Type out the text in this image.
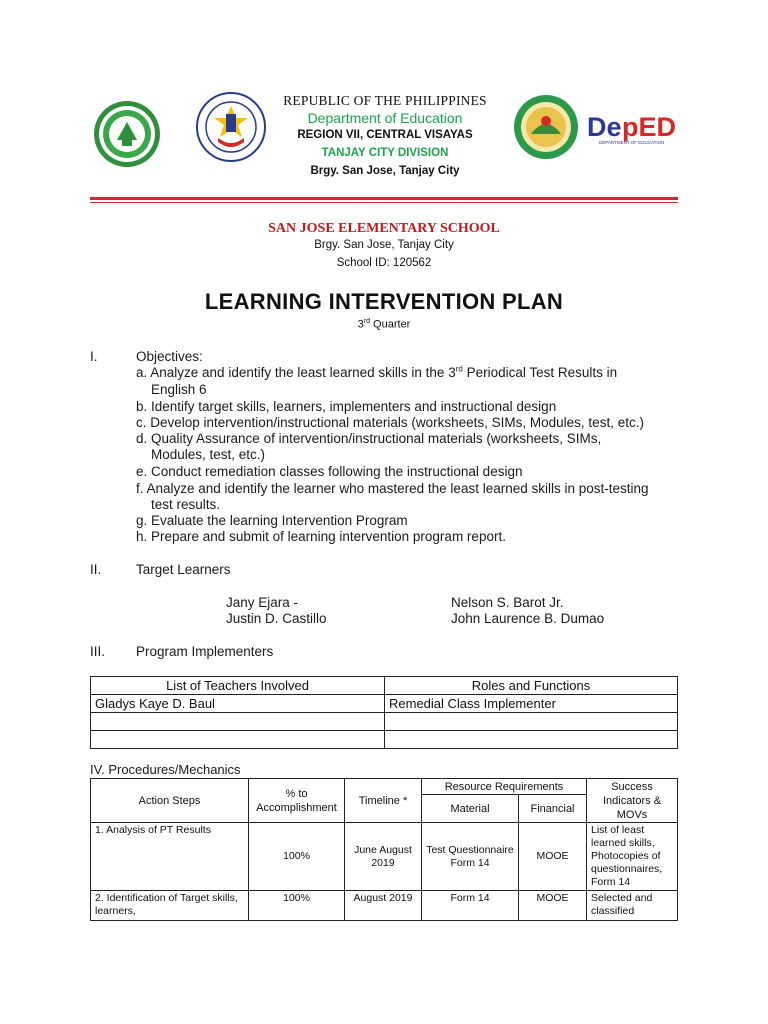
De pED
DEPARTMENT OF EDUCATION
REPUBLIC OF THE PHILIPPINES
Department of Education
REGION VII, CENTRAL VISAYAS
TANJAY CITY DIVISION
Brgy. San Jose, Tanjay City
SAN JOSE ELEMENTARY SCHOOL
Brgy. San Jose, Tanjay City
School ID: 120562
LEARNING INTERVENTION PLAN
3rd Quarter
I.	Objectives:
a. Analyze and identify the least learned skills in the 3rd Periodical Test Results in
English 6
b. Identify target skills, learners, implementers and instructional design
c. Develop intervention/instructional materials (worksheets, SIMs, Modules, test, etc.)
d. Quality Assurance of intervention/instructional materials (worksheets, SIMs,
Modules, test, etc.)
e. Conduct remediation classes following the instructional design
f. Analyze and identify the learner who mastered the least learned skills in post-testing
test results.
g. Evaluate the learning Intervention Program
h. Prepare and submit of learning intervention program report.
II.	Target Learners
Jany Ejara -
Justin D. Castillo
Nelson S. Barot Jr.
John Laurence B. Dumao
III. Program Implementers
List of Teachers Involved	Roles and Functions
Gladys Kaye D. Baul	Remedial Class Implementer

IV. Procedures/Mechanics
Action Steps	% to Accomplishment	Timeline *	Resource Requirements		Success Indicators & MOVs
			Material	Financial	
1. Analysis of PT Results	100%	June August 2019	Test Questionnaire Form 14	MOOE	List of least learned skills, Photocopies of questionnaires, Form 14
2. Identification of Target skills, learners,	100%	August 2019	Form 14	MOOE	Selected and classified
